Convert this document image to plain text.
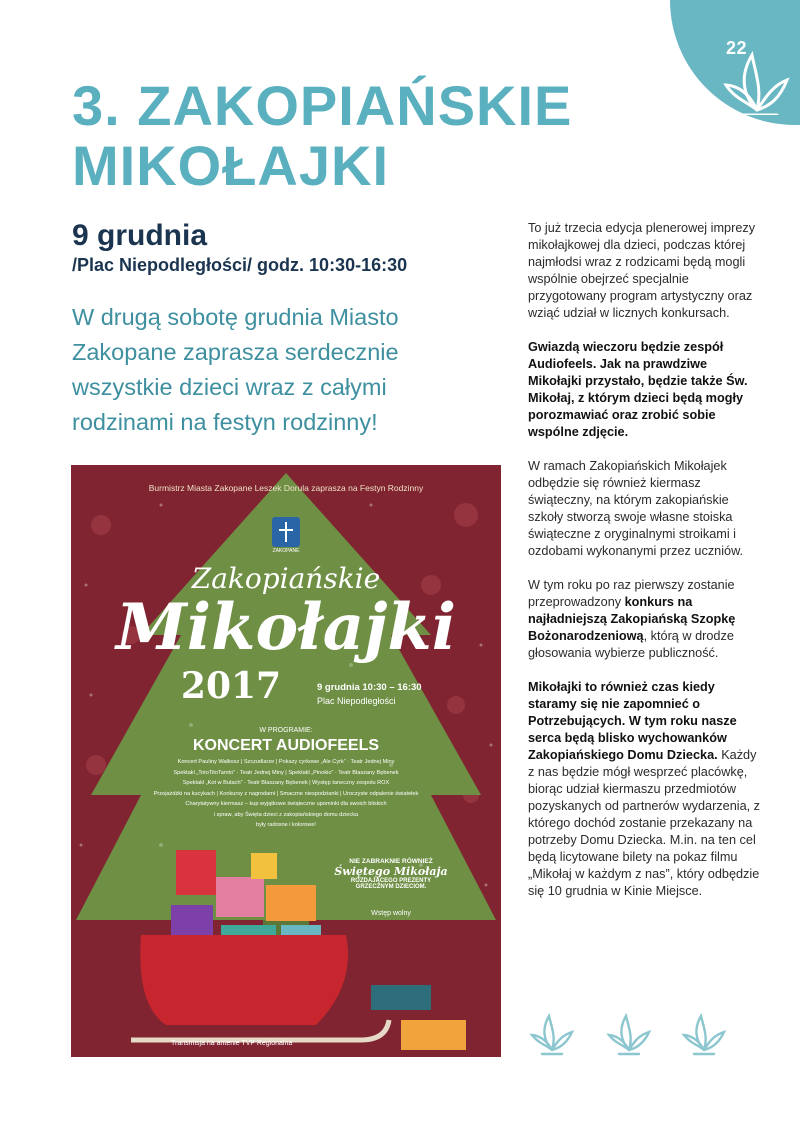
22
3. ZAKOPIAŃSKIE
MIKOŁAJKI
9 grudnia
/Plac Niepodległości/ godz. 10:30-16:30

W drugą sobotę grudnia Miasto Zakopane zaprasza serdecznie wszystkie dzieci wraz z całymi rodzinami na festyn rodzinny!

Burmistrz Miasta Zakopane Leszek Dorula zaprasza na Festyn Rodzinny
ZAKOPANE
Zakopiańskie
Mikołajki
2017	9 grudnia 10:30 – 16:30
Plac Niepodległości
W PROGRAMIE:
KONCERT AUDIOFEELS
Koncert Pauliny Wałkosz | Szczudlarze | Pokazy cyrkowe „Ale Cyrk” · Teatr Jednej Miny
Spektakl „TotoTitoTamto” · Teatr Jednej Miny | Spektakl „Pinokio” · Teatr Blaszany Bębenek
Spektakl „Kot w Butach” · Teatr Blaszany Bębenek | Występ taneczny zespołu ROX
Przejażdżki na kucykach | Konkursy z nagrodami | Smaczne niespodzianki | Uroczyste odpalenie światełek
Charytatywny kiermasz – kup wyjątkowe świąteczne upominki dla swoich bliskich
i spraw, aby Święta dzieci z zakopiańskiego domu dziecka
były radosne i kolorowe!
NIE ZABRAKNIE RÓWNIEŻ
Świętego Mikołaja
ROZDAJĄCEGO PREZENTY
GRZECZNYM DZIECIOM.
Wstęp wolny
Transmisja na antenie TVP Regionalna

To już trzecia edycja plenerowej imprezy mikołajkowej dla dzieci, podczas której najmłodsi wraz z rodzicami będą mogli wspólnie obejrzeć specjalnie przygotowany program artystyczny oraz wziąć udział w licznych konkursach.

Gwiazdą wieczoru będzie zespół Audiofeels. Jak na prawdziwe Mikołajki przystało, będzie także Św. Mikołaj, z którym dzieci będą mogły porozmawiać oraz zrobić sobie wspólne zdjęcie.

W ramach Zakopiańskich Mikołajek odbędzie się również kiermasz świąteczny, na którym zakopiańskie szkoły stworzą swoje własne stoiska świąteczne z oryginalnymi stroikami i ozdobami wykonanymi przez uczniów.

W tym roku po raz pierwszy zostanie przeprowadzony konkurs na najładniejszą Zakopiańską Szopkę Bożonarodzeniową, którą w drodze głosowania wybierze publiczność.

Mikołajki to również czas kiedy staramy się nie zapomnieć o Potrzebujących. W tym roku nasze serca będą blisko wychowanków Zakopiańskiego Domu Dziecka. Każdy z nas będzie mógł wesprzeć placówkę, biorąc udział kiermaszu przedmiotów pozyskanych od partnerów wydarzenia, z którego dochód zostanie przekazany na potrzeby Domu Dziecka. M.in. na ten cel będą licytowane bilety na pokaz filmu „Mikołaj w każdym z nas”, który odbędzie się 10 grudnia w Kinie Miejsce.
